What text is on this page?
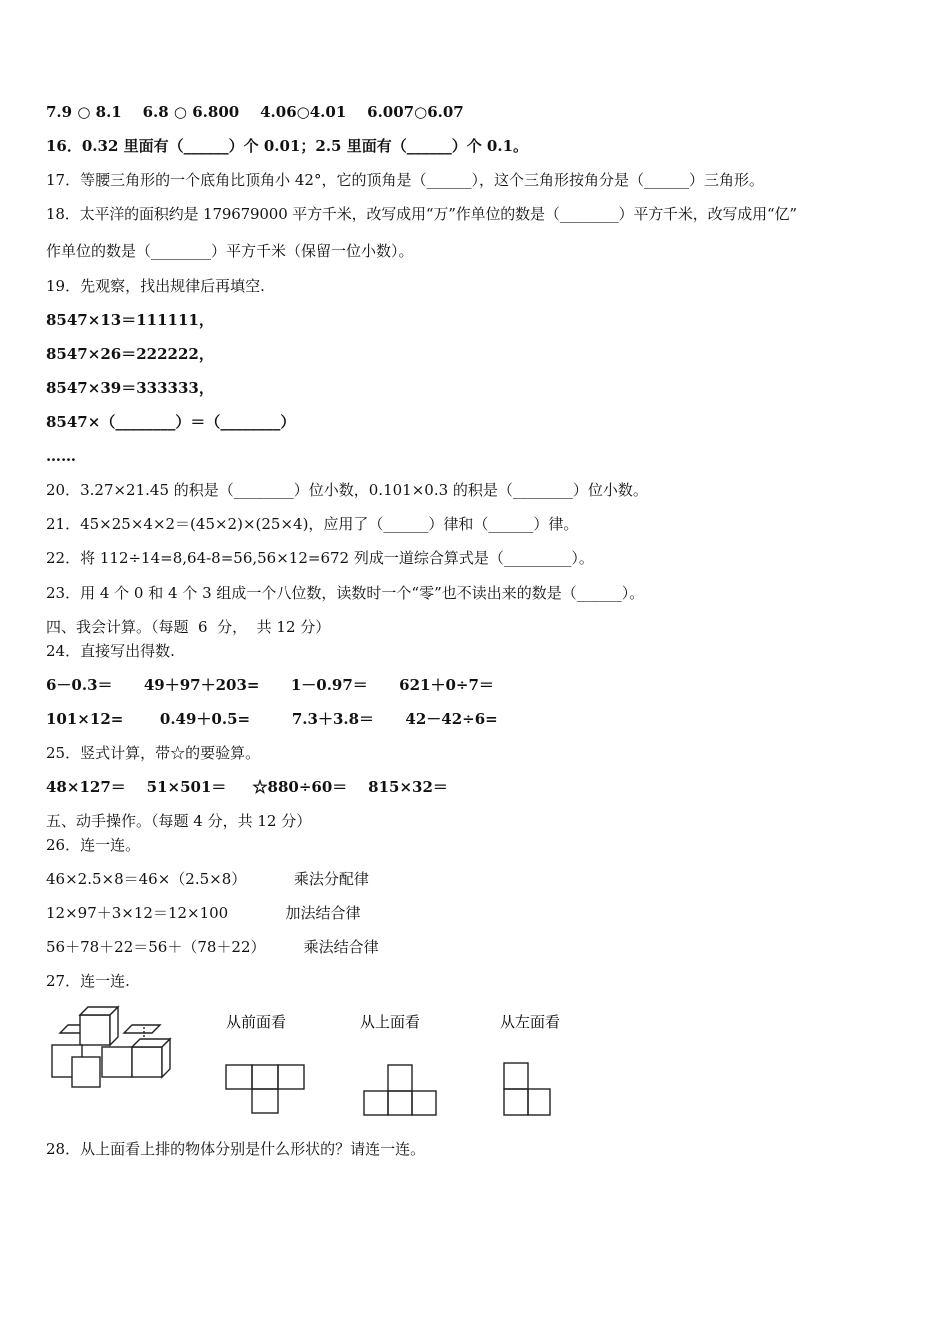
7.9 ○ 8.1    6.8 ○ 6.800    4.06○4.01    6.007○6.07
16．0.32 里面有（______）个 0.01；2.5 里面有（______）个 0.1。
17．等腰三角形的一个底角比顶角小 42°，它的顶角是（______），这个三角形按角分是（______）三角形。
18．太平洋的面积约是 179679000 平方千米，改写成用“万”作单位的数是（________）平方千米，改写成用“亿”
作单位的数是（________）平方千米（保留一位小数）。
19．先观察，找出规律后再填空.
8547×13＝111111，
8547×26＝222222，
8547×39＝333333，
8547×（________）＝（________）
……
20．3.27×21.45 的积是（________）位小数，0.101×0.3 的积是（________）位小数。
21．45×25×4×2＝(45×2)×(25×4)，应用了（______）律和（______）律。
22．将 112÷14=8,64-8=56,56×12=672 列成一道综合算式是（_________）。
23．用 4 个 0 和 4 个 3 组成一个八位数，读数时一个“零”也不读出来的数是（______）。
四、我会计算。（每题  6  分，  共 12 分）
24．直接写出得数.
6－0.3＝      49＋97＋203=      1－0.97＝      621＋0÷7＝
101×12=       0.49＋0.5=        7.3＋3.8＝      42－42÷6=
25．竖式计算，带☆的要验算。
48×127＝    51×501＝     ☆880÷60＝    815×32＝
五、动手操作。（每题 4 分，共 12 分）
26．连一连。
46×2.5×8＝46×（2.5×8）          乘法分配律
12×97＋3×12＝12×100            加法结合律
56＋78＋22＝56＋（78＋22）        乘法结合律
27．连一连.
从前面看	从上面看	从左面看
28．从上面看上排的物体分别是什么形状的？请连一连。
